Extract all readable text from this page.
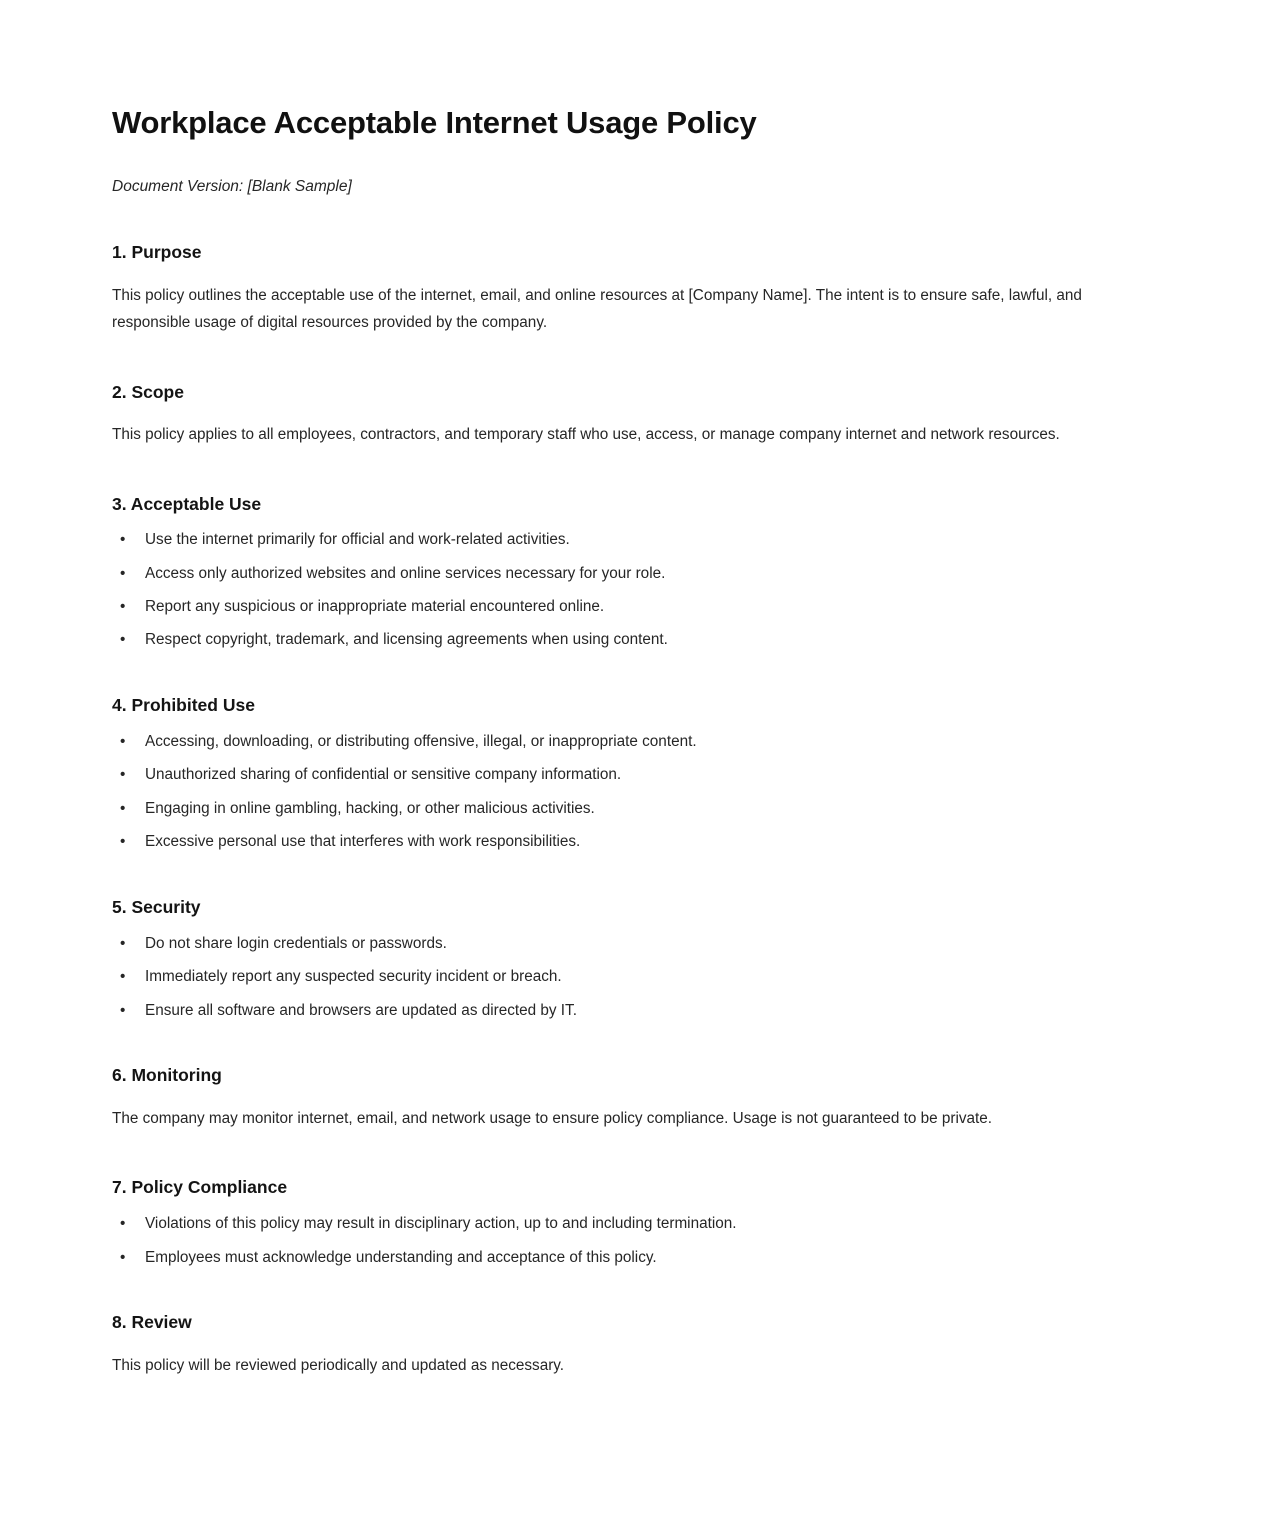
Workplace Acceptable Internet Usage Policy

Document Version: [Blank Sample]

1. Purpose

This policy outlines the acceptable use of the internet, email, and online resources at [Company Name]. The intent is to ensure safe, lawful, and responsible usage of digital resources provided by the company.

2. Scope

This policy applies to all employees, contractors, and temporary staff who use, access, or manage company internet and network resources.

3. Acceptable Use
• Use the internet primarily for official and work-related activities.
• Access only authorized websites and online services necessary for your role.
• Report any suspicious or inappropriate material encountered online.
• Respect copyright, trademark, and licensing agreements when using content.
4. Prohibited Use
• Accessing, downloading, or distributing offensive, illegal, or inappropriate content.
• Unauthorized sharing of confidential or sensitive company information.
• Engaging in online gambling, hacking, or other malicious activities.
• Excessive personal use that interferes with work responsibilities.
5. Security
• Do not share login credentials or passwords.
• Immediately report any suspected security incident or breach.
• Ensure all software and browsers are updated as directed by IT.
6. Monitoring

The company may monitor internet, email, and network usage to ensure policy compliance. Usage is not guaranteed to be private.

7. Policy Compliance
• Violations of this policy may result in disciplinary action, up to and including termination.
• Employees must acknowledge understanding and acceptance of this policy.
8. Review

This policy will be reviewed periodically and updated as necessary.
